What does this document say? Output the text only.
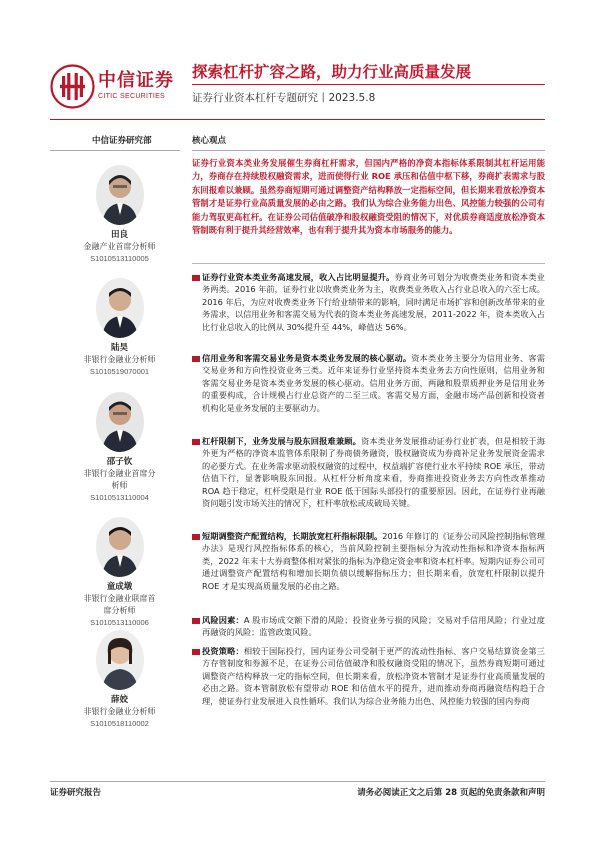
中信证券
CITIC SECURITIES
探索杠杆扩容之路，助力行业高质量发展
证券行业资本杠杆专题研究丨2023.5.8
中信证券研究部
田良
金融产业首席分析师
S1010513110005
陆昊
非银行金融业分析师
S1010519070001
邵子钦
非银行金融业首席分析师
S1010513110004
童成墩
非银行金融业联席首席分析师
S1010513110006
薛姣
非银行金融业分析师
S1010518110002
核心观点
证券行业资本类业务发展催生券商杠杆需求，但国内严格的净资本指标体系限制其杠杆运用能力，券商存在持续股权融资需求，进而使得行业 ROE 承压和估值中枢下移，券商扩表需求与股东回报难以兼顾。虽然券商短期可通过调整资产结构释放一定指标空间，但长期来看放松净资本管制才是证券行业高质量发展的必由之路。我们认为综合业务能力出色、风控能力较强的公司有能力驾驭更高杠杆。在证券公司估值破净和股权融资受阻的情况下，对优质券商适度放松净资本管制既有利于提升其经营效率，也有利于提升其为资本市场服务的能力。
证券行业资本类业务高速发展，收入占比明显提升。券商业务可划分为收费类业务和资本类业务两类。2016 年前，证券行业以收费类业务为主，收费类业务收入占行业总收入的六至七成。2016 年后，为应对收费类业务下行给业绩带来的影响，同时满足市场扩容和创新改革带来的业务需求，以信用业务和客需交易为代表的资本类业务高速发展，2011-2022 年，资本类收入占比行业总收入的比例从 30%提升至 44%，峰值达 56%。
信用业务和客需交易业务是资本类业务发展的核心驱动。资本类业务主要分为信用业务、客需交易业务和方向性投资业务三类。近年来证券行业坚持资本类业务去方向性原则，信用业务和客需交易业务是资本类业务发展的核心驱动。信用业务方面，两融和股票质押业务是信用业务的重要构成，合计规模占行业总资产的二至三成。客需交易方面，金融市场产品创新和投资者机构化是业务发展的主要驱动力。
杠杆限制下，业务发展与股东回报难兼顾。资本类业务发展推动证券行业扩表，但是相较于海外更为严格的净资本监管体系限制了券商债务融资，股权融资成为券商补足业务发展资金需求的必要方式。在业务需求驱动股权融资的过程中，权益端扩容使行业水平持续 ROE 承压，带动估值下行，显著影响股东回报。从杠杆分析角度来看，券商推进投资业务去方向性改革推动 ROA 趋于稳定，杠杆受限是行业 ROE 低于国际头部投行的重要原因。因此，在证券行业再融资问题引发市场关注的情况下，杠杆率放松或成破局关键。
短期调整资产配置结构，长期放宽杠杆指标限制。2016 年修订的《证券公司风险控制指标管理办法》是现行风控指标体系的核心，当前风险控制主要指标分为流动性指标和净资本指标两类，2022 年末十大券商整体相对紧张的指标为净稳定资金率和资本杠杆率。短期内证券公司可通过调整资产配置结构和增加长期负债以缓解指标压力；但长期来看，放宽杠杆限制以提升 ROE 才是实现高质量发展的必由之路。
风险因素：A 股市场成交额下滑的风险；投资业务亏损的风险；交易对手信用风险；行业过度再融资的风险；监管政策风险。
投资策略：相较于国际投行，国内证券公司受制于更严的流动性指标、客户交易结算资金第三方存管制度和券源不足，在证券公司估值破净和股权融资受阻的情况下，虽然券商短期可通过调整资产结构释放一定的指标空间，但长期来看，放松净资本管制才是证券行业高质量发展的必由之路。资本管制放松有望带动 ROE 和估值水平的提升，进而推动券商再融资结构趋于合理，使证券行业发展进入良性循环。我们认为综合业务能力出色、风控能力较强的国内券商
证券研究报告	请务必阅读正文之后第 28 页起的免责条款和声明
